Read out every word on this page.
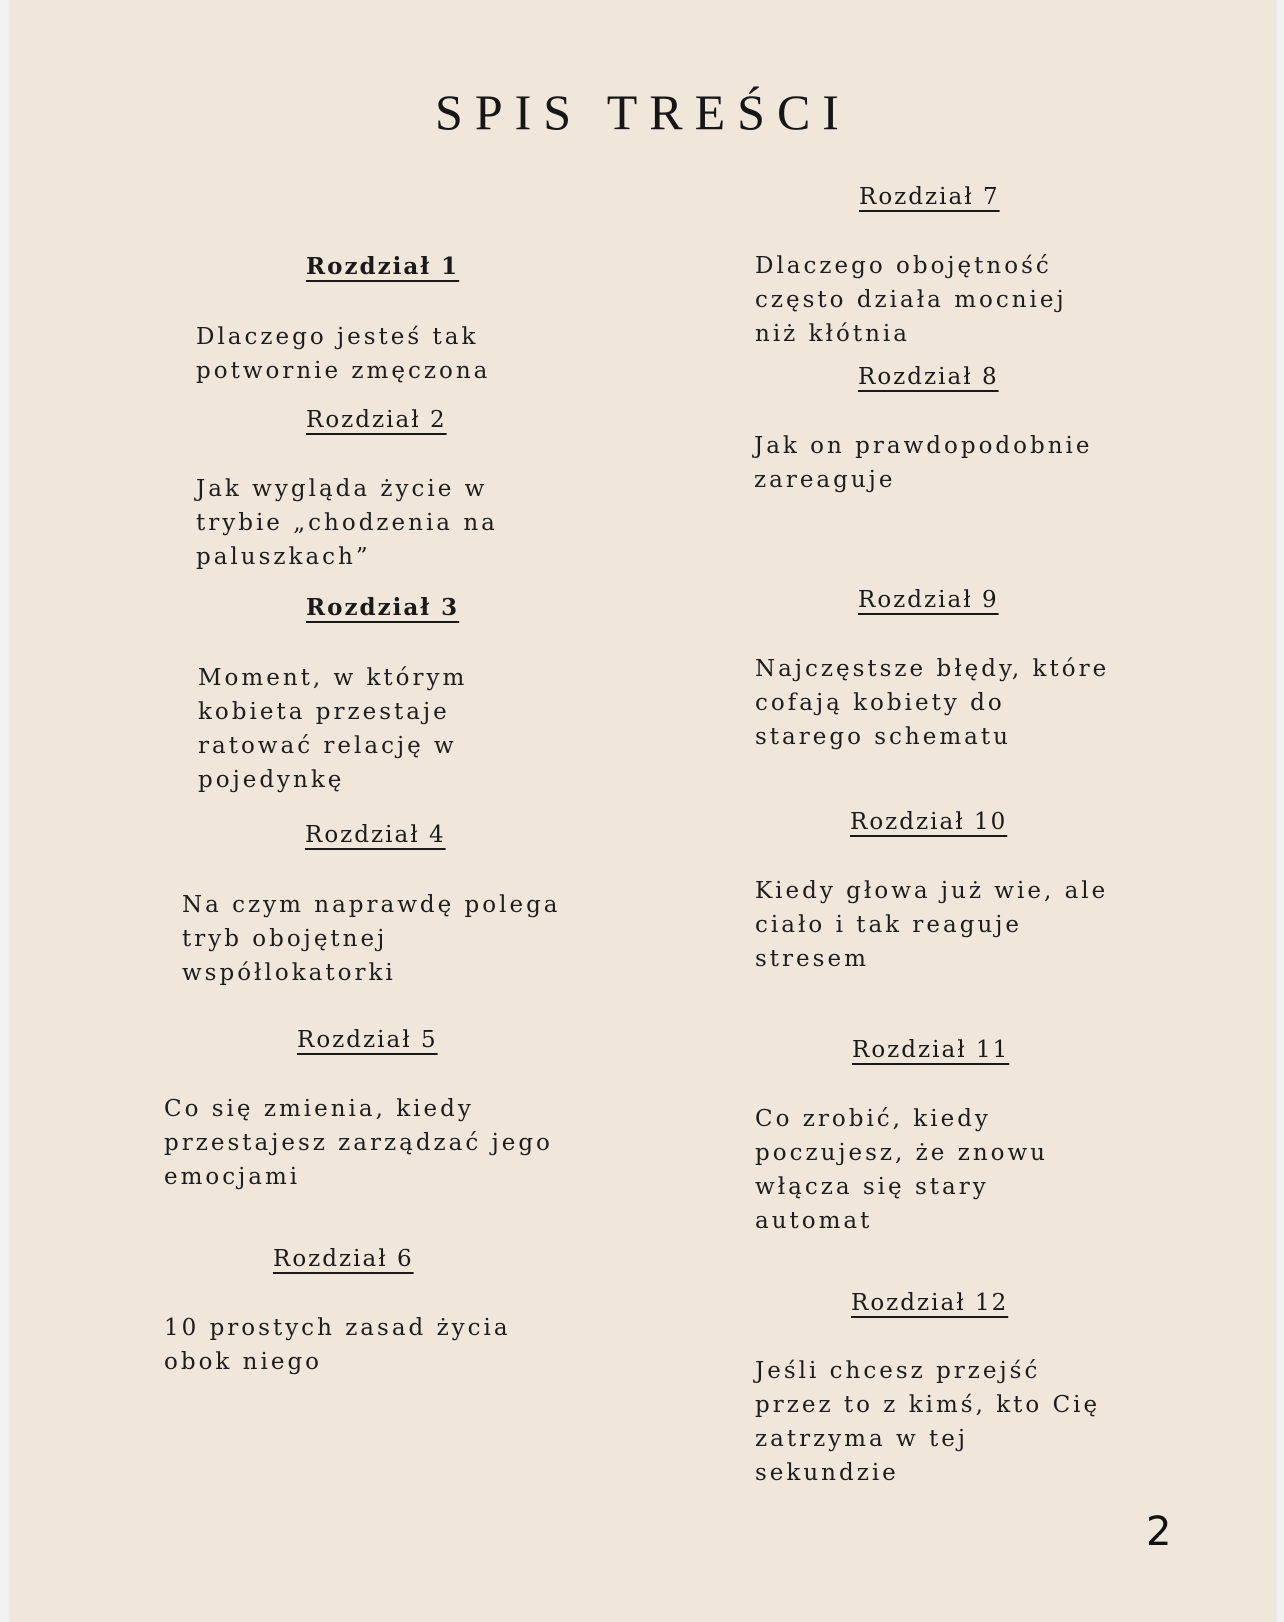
SPIS TREŚCI
Rozdział 1
Dlaczego jesteś tak
potwornie zmęczona
Rozdział 2
Jak wygląda życie w
trybie „chodzenia na
paluszkach”
Rozdział 3
Moment, w którym
kobieta przestaje
ratować relację w
pojedynkę
Rozdział 4
Na czym naprawdę polega
tryb obojętnej
współlokatorki
Rozdział 5
Co się zmienia, kiedy
przestajesz zarządzać jego
emocjami
Rozdział 6
10 prostych zasad życia
obok niego
Rozdział 7
Dlaczego obojętność
często działa mocniej
niż kłótnia
Rozdział 8
Jak on prawdopodobnie
zareaguje
Rozdział 9
Najczęstsze błędy, które
cofają kobiety do
starego schematu
Rozdział 10
Kiedy głowa już wie, ale
ciało i tak reaguje
stresem
Rozdział 11
Co zrobić, kiedy
poczujesz, że znowu
włącza się stary
automat
Rozdział 12
Jeśli chcesz przejść
przez to z kimś, kto Cię
zatrzyma w tej
sekundzie
2
